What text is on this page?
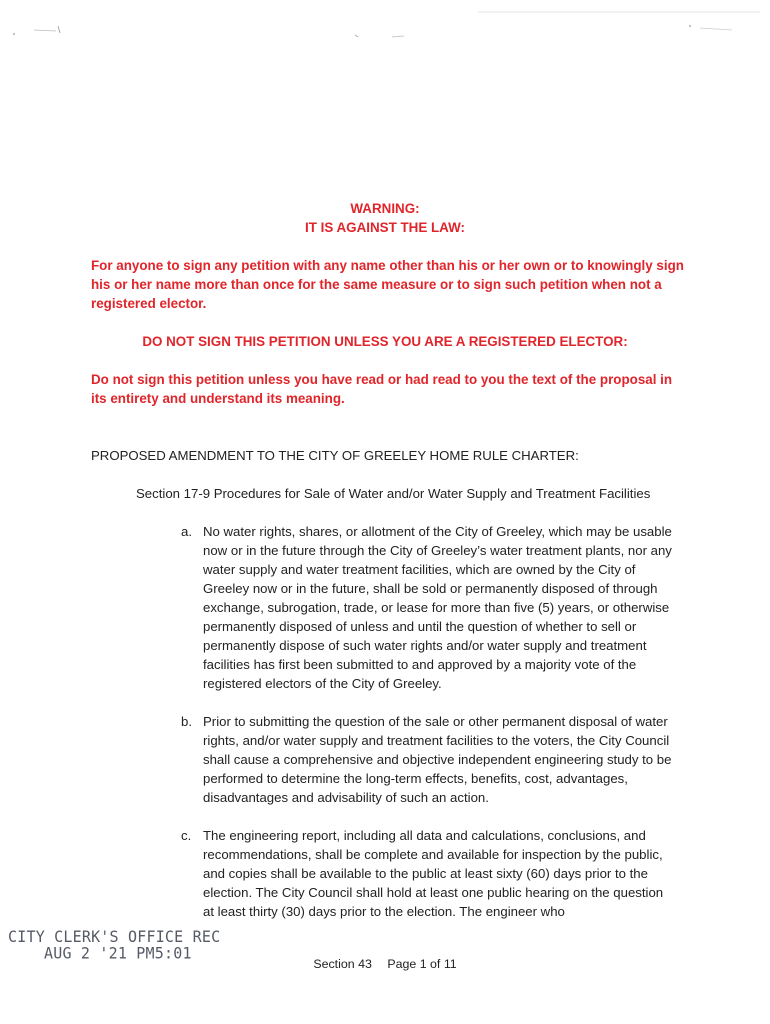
WARNING:
IT IS AGAINST THE LAW:
For anyone to sign any petition with any name other than his or her own or to knowingly sign his or her name more than once for the same measure or to sign such petition when not a registered elector.
DO NOT SIGN THIS PETITION UNLESS YOU ARE A REGISTERED ELECTOR:
Do not sign this petition unless you have read or had read to you the text of the proposal in its entirety and understand its meaning.
PROPOSED AMENDMENT TO THE CITY OF GREELEY HOME RULE CHARTER:
Section 17-9 Procedures for Sale of Water and/or Water Supply and Treatment Facilities
a. No water rights, shares, or allotment of the City of Greeley, which may be usable now or in the future through the City of Greeley’s water treatment plants, nor any water supply and water treatment facilities, which are owned by the City of Greeley now or in the future, shall be sold or permanently disposed of through exchange, subrogation, trade, or lease for more than five (5) years, or otherwise permanently disposed of unless and until the question of whether to sell or permanently dispose of such water rights and/or water supply and treatment facilities has first been submitted to and approved by a majority vote of the registered electors of the City of Greeley.
b. Prior to submitting the question of the sale or other permanent disposal of water rights, and/or water supply and treatment facilities to the voters, the City Council shall cause a comprehensive and objective independent engineering study to be performed to determine the long-term effects, benefits, cost, advantages, disadvantages and advisability of such an action.
c. The engineering report, including all data and calculations, conclusions, and recommendations, shall be complete and available for inspection by the public, and copies shall be available to the public at least sixty (60) days prior to the election. The City Council shall hold at least one public hearing on the question at least thirty (30) days prior to the election. The engineer who
CITY CLERK'S OFFICE REC
AUG 2 '21 PM5:01
Section 43 Page 1 of 11
